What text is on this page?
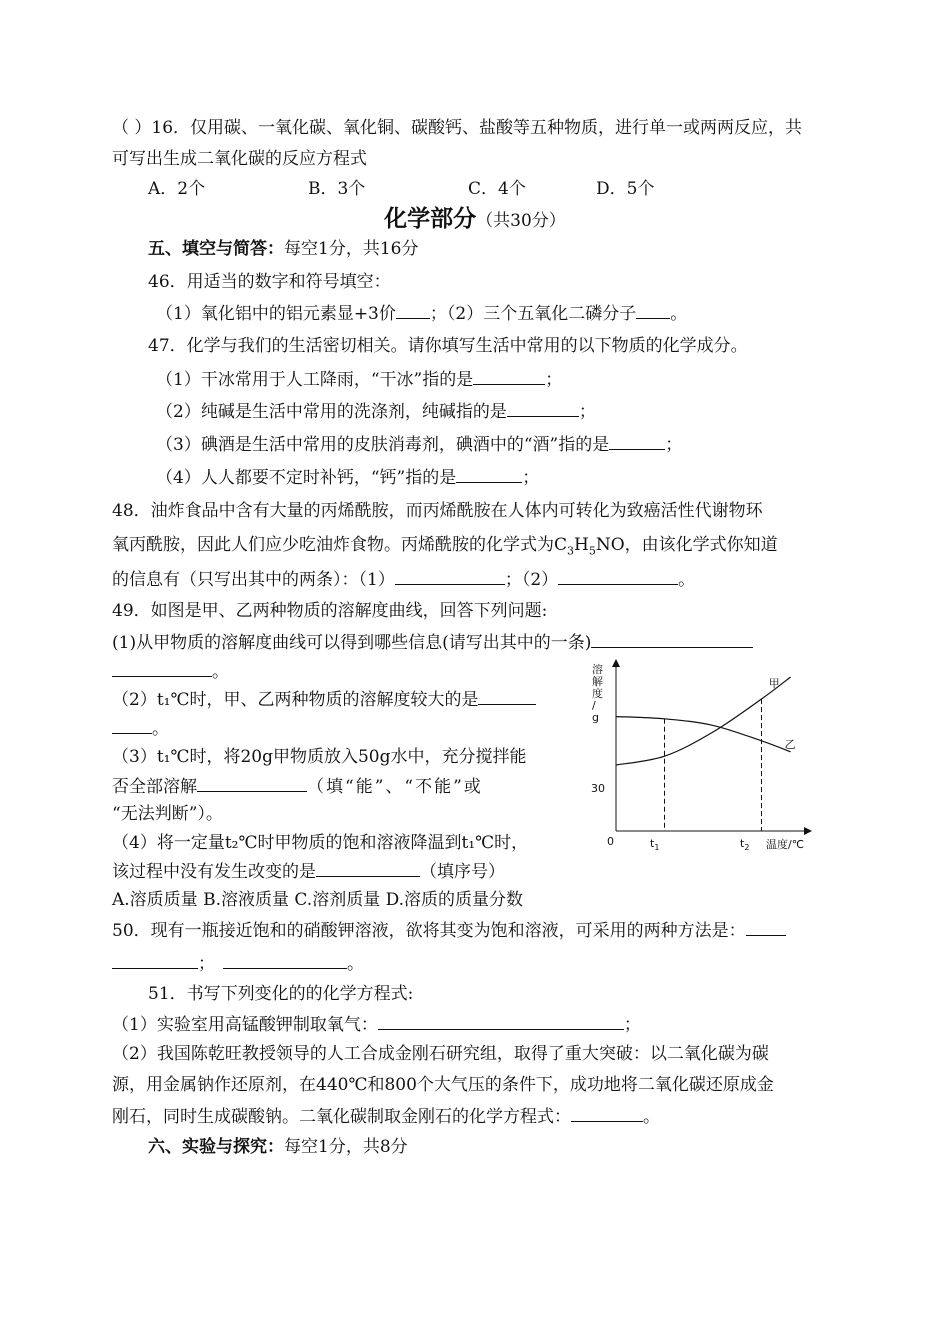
（ ）16．仅用碳、一氧化碳、氧化铜、碳酸钙、盐酸等五种物质，进行单一或两两反应，共
可写出生成二氧化碳的反应方程式
A．2个	B．3个	C．4个	D．5个
化学部分（共30分）
五、填空与简答：每空1分，共16分
46．用适当的数字和符号填空：
（1）氧化铝中的铝元素显+3价 ；（2）三个五氧化二磷分子 。
47．化学与我们的生活密切相关。请你填写生活中常用的以下物质的化学成分。
（1）干冰常用于人工降雨，“干冰”指的是	；
（2）纯碱是生活中常用的洗涤剂，纯碱指的是	；
（3）碘酒是生活中常用的皮肤消毒剂，碘酒中的“酒”指的是	；
（4）人人都要不定时补钙，“钙”指的是	；
48．油炸食品中含有大量的丙烯酰胺，而丙烯酰胺在人体内可转化为致癌活性代谢物环
氧丙酰胺，因此人们应少吃油炸食物。丙烯酰胺的化学式为$C_3H_5NO$，由该化学式你知道
的信息有（只写出其中的两条）：（1）	；（2）	。
49．如图是甲、乙两种物质的溶解度曲线，回答下列问题:
(1)从甲物质的溶解度曲线可以得到哪些信息(请写出其中的一条)
。
（2）t₁℃时，甲、乙两种物质的溶解度较大的是
。
（3）t₁℃时，将20g甲物质放入50g水中，充分搅拌能
否全部溶解	（填“能”、“不能”或
“无法判断”）。
（4）将一定量t₂℃时甲物质的饱和溶液降温到t₁℃时，
该过程中没有发生改变的是	（填序号）
A.溶质质量 B.溶液质量 C.溶剂质量 D.溶质的质量分数
溶
解
度
/
g
30
0	$t_1$	$t_2$ 温度/℃
甲
乙
50．现有一瓶接近饱和的硝酸钾溶液，欲将其变为饱和溶液，可采用的两种方法是：
；	。
51．书写下列变化的的化学方程式:
（1）实验室用高锰酸钾制取氧气：	；
（2）我国陈乾旺教授领导的人工合成金刚石研究组，取得了重大突破：以二氧化碳为碳
源，用金属钠作还原剂，在440℃和800个大气压的条件下，成功地将二氧化碳还原成金
刚石，同时生成碳酸钠。二氧化碳制取金刚石的化学方程式：	。
六、实验与探究：每空1分，共8分
